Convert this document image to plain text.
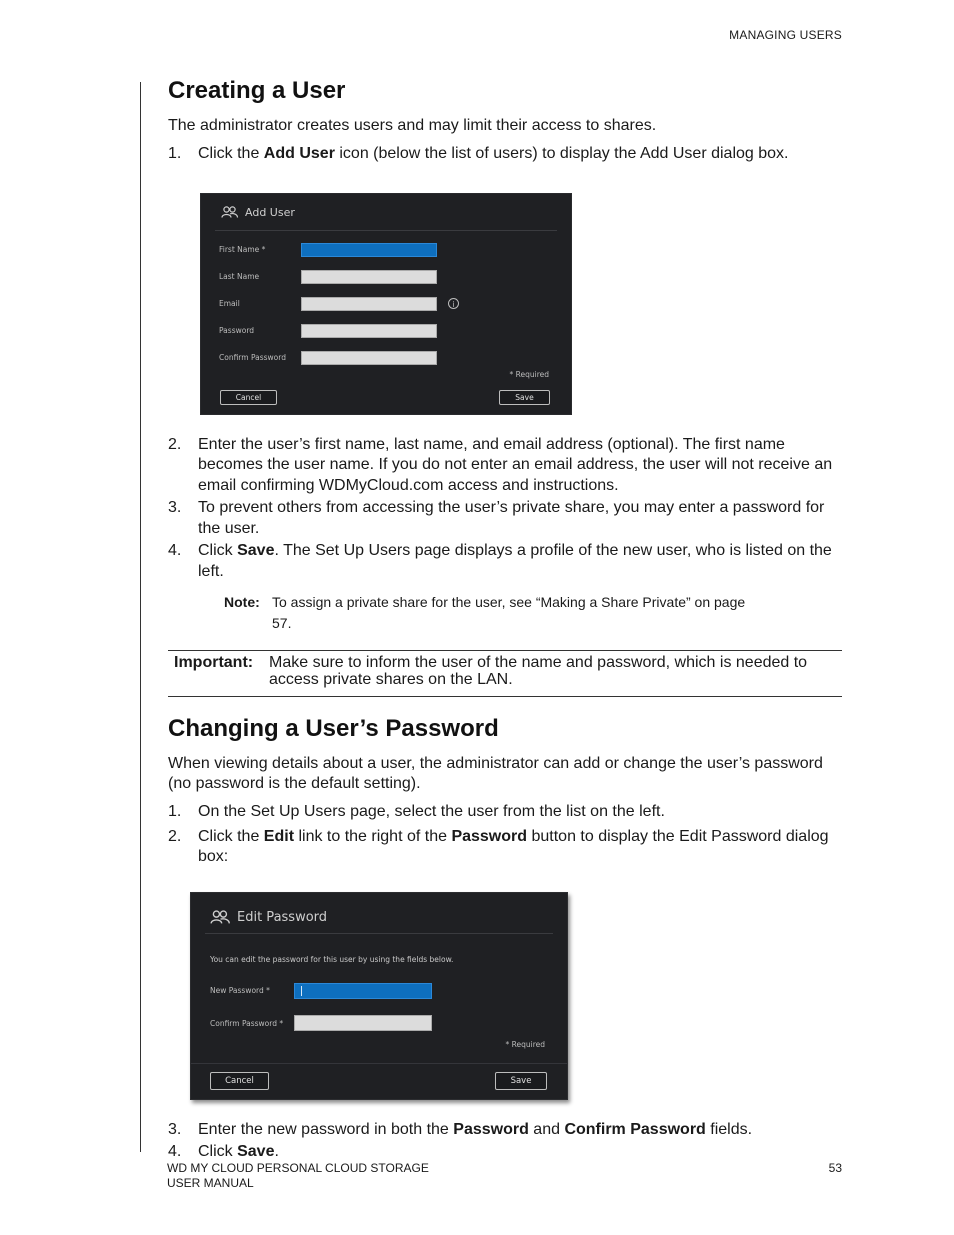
MANAGING USERS
Creating a User

The administrator creates users and may limit their access to shares.

1. Click the Add User icon (below the list of users) to display the Add User dialog box.
Add User
First Name *
Last Name
Email	i
Password
Confirm Password
* Required
Cancel	Save
2. Enter the user’s first name, last name, and email address (optional). The first name becomes the user name. If you do not enter an email address, the user will not receive an email confirming WDMyCloud.com access and instructions.
3. To prevent others from accessing the user’s private share, you may enter a password for the user.
4. Click Save. The Set Up Users page displays a profile of the new user, who is listed on the left.
Note: To assign a private share for the user, see “Making a Share Private” on page 57.
Important: Make sure to inform the user of the name and password, which is needed to access private shares on the LAN.
Changing a User’s Password

When viewing details about a user, the administrator can add or change the user’s password (no password is the default setting).

1. On the Set Up Users page, select the user from the list on the left.
2. Click the Edit link to the right of the Password button to display the Edit Password dialog box:
Edit Password
You can edit the password for this user by using the fields below.
New Password *
Confirm Password *
* Required
Cancel	Save
3. Enter the new password in both the Password and Confirm Password fields.
4. Click Save.
WD MY CLOUD PERSONAL CLOUD STORAGE
USER MANUAL
53
